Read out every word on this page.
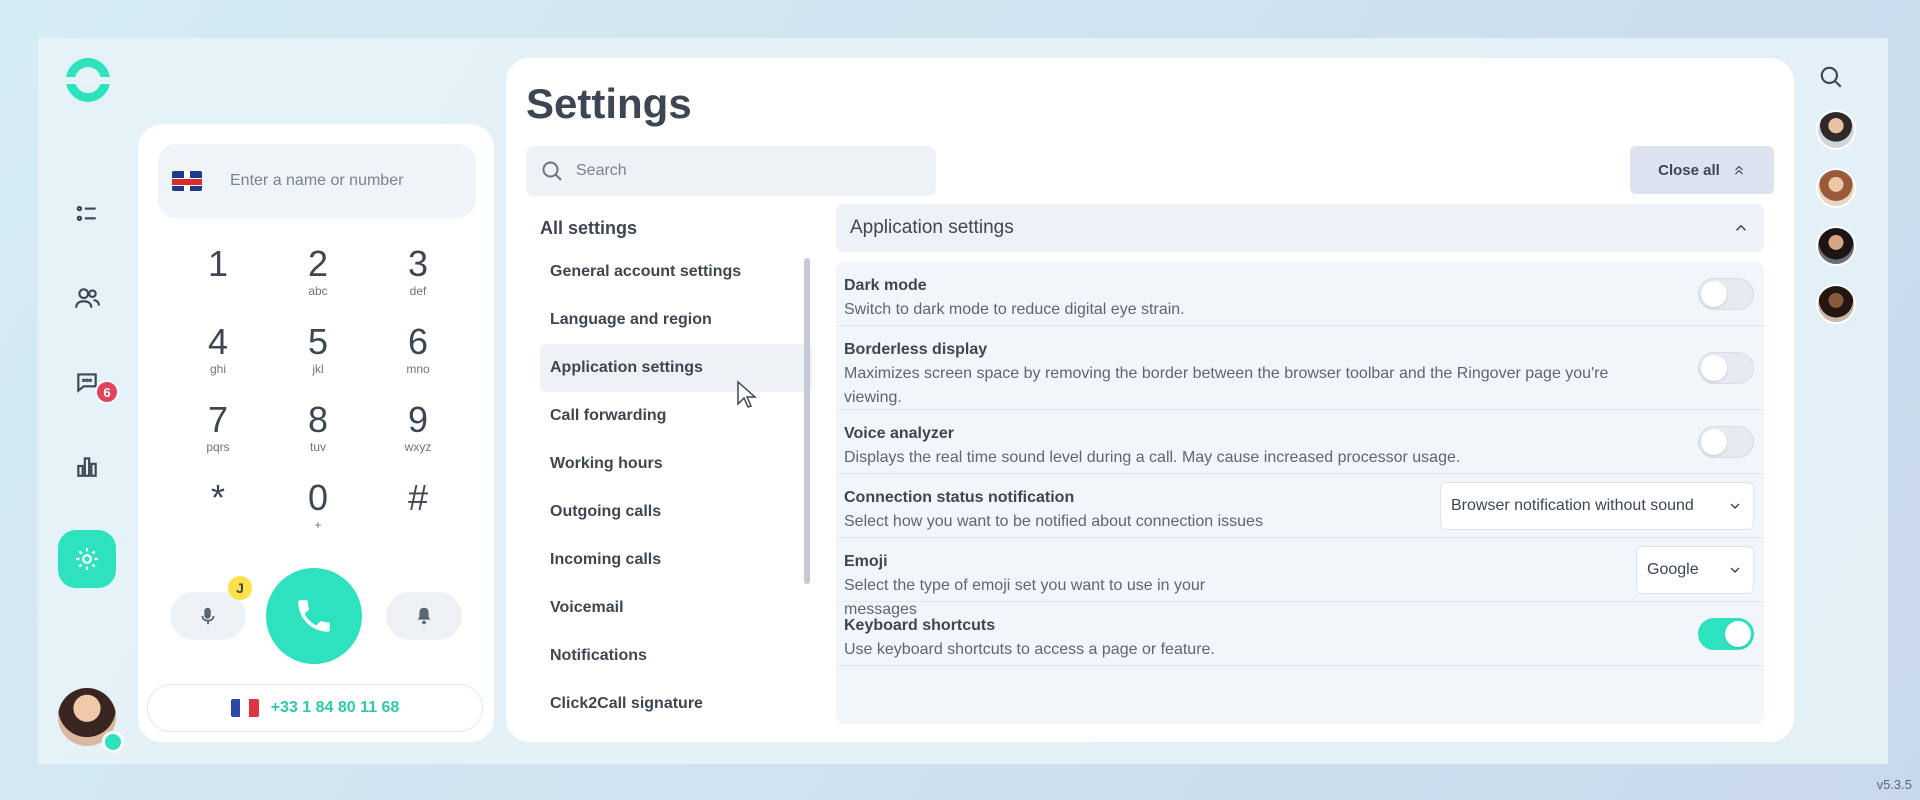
6
Enter a name or number
1 2
abc
3
def
4
ghi
5
jkl
6
mno
7
pqrs
8
tuv
9
wxyz
* 0
+
#
J
+33 1 84 80 11 68
Settings
Search
Close all
All settings
General account settings
Language and region
Application settings
Call forwarding
Working hours
Outgoing calls
Incoming calls
Voicemail
Notifications
Click2Call signature
Application settings
Dark mode
Switch to dark mode to reduce digital eye strain.
Borderless display
Maximizes screen space by removing the border between the browser toolbar and the Ringover page you're viewing.
Voice analyzer
Displays the real time sound level during a call. May cause increased processor usage.
Connection status notification
Select how you want to be notified about connection issues
Browser notification without sound
Emoji
Select the type of emoji set you want to use in your messages
Google
Keyboard shortcuts
Use keyboard shortcuts to access a page or feature.
v5.3.5
